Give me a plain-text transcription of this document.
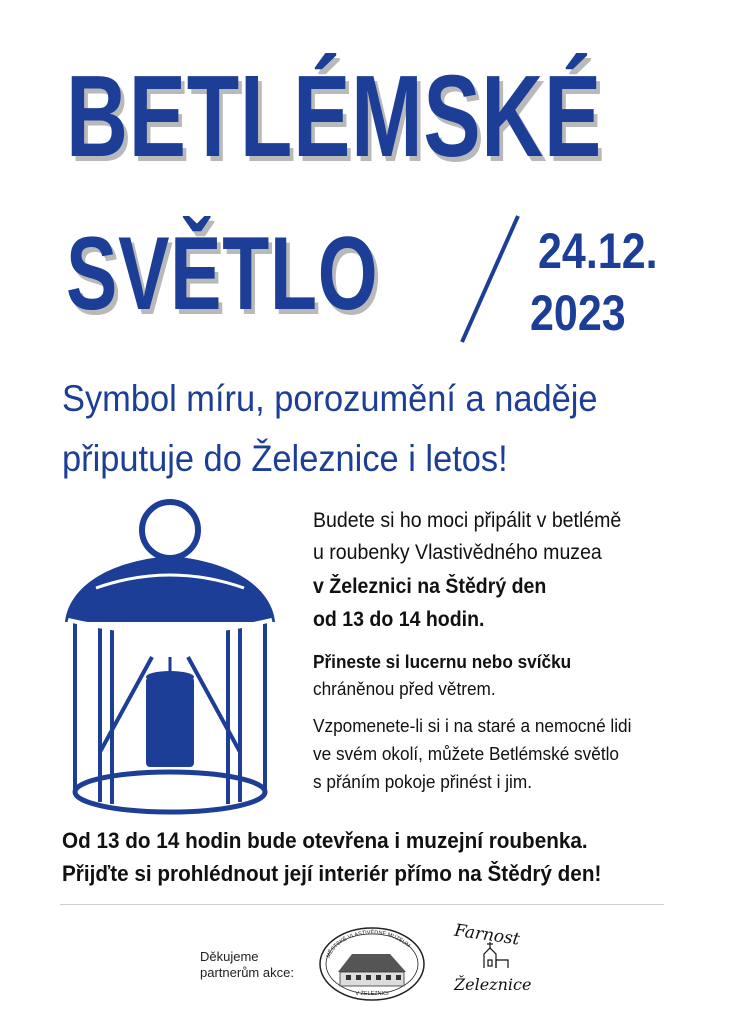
BETLÉMSKÉ
SVĚTLO	24.12.
2023
Symbol míru, porozumění a naděje
připutuje do Železnice i letos!
Budete si ho moci připálit v betlémě
u roubenky Vlastivědného muzea
v Železnici na Štědrý den
od 13 do 14 hodin.
Přineste si lucernu nebo svíčku
chráněnou před větrem.
Vzpomenete-li si i na staré a nemocné lidi
ve svém okolí, můžete Betlémské světlo
s přáním pokoje přinést i jim.
Od 13 do 14 hodin bude otevřena i muzejní roubenka.
Přijďte si prohlédnout její interiér přímo na Štědrý den!
Děkujeme
partnerům akce:
MĚSTSKÉ VLASTIVĚDNÉ MUZEUM
V ŽELEZNICI
Farnost
Železnice
